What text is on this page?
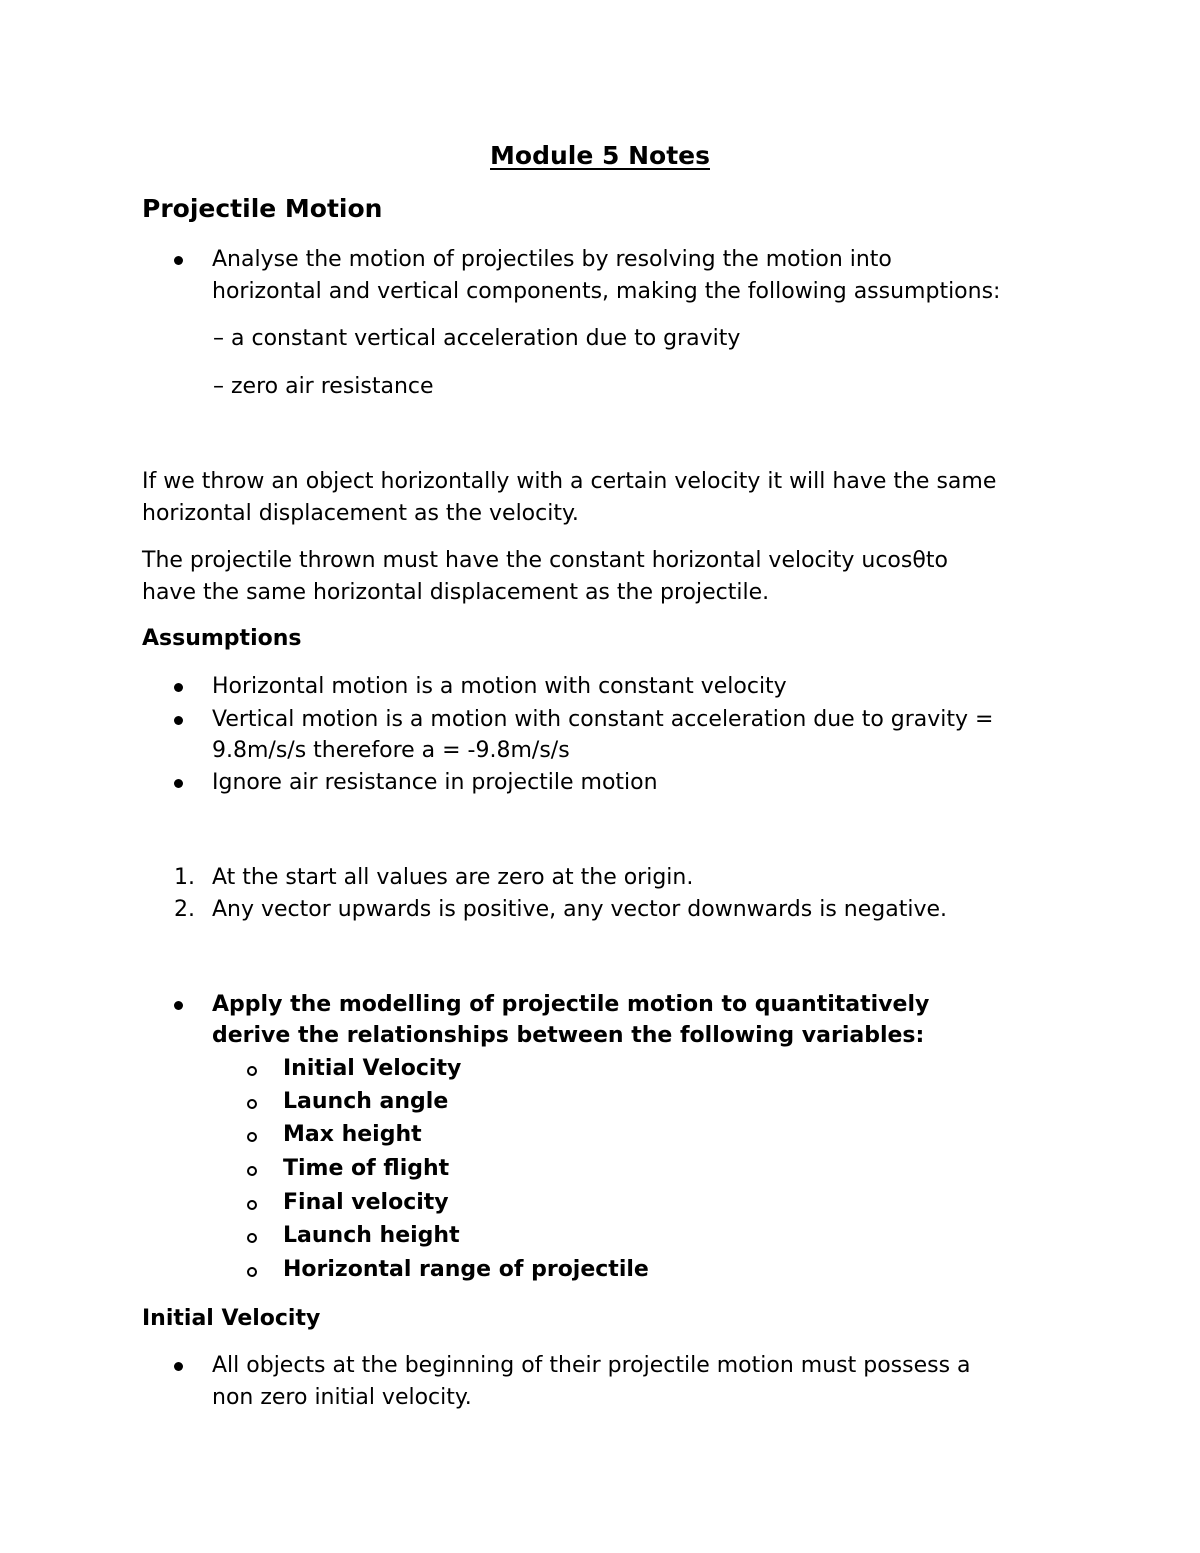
Module 5 Notes
Projectile Motion
Analyse the motion of projectiles by resolving the motion into
horizontal and vertical components, making the following assumptions:
– a constant vertical acceleration due to gravity
– zero air resistance
If we throw an object horizontally with a certain velocity it will have the same
horizontal displacement as the velocity.
The projectile thrown must have the constant horizontal velocity ucosθto
have the same horizontal displacement as the projectile.
Assumptions
Horizontal motion is a motion with constant velocity
Vertical motion is a motion with constant acceleration due to gravity =
9.8m/s/s therefore a = -9.8m/s/s
Ignore air resistance in projectile motion
1. At the start all values are zero at the origin.
2. Any vector upwards is positive, any vector downwards is negative.
Apply the modelling of projectile motion to quantitatively
derive the relationships between the following variables:
Initial Velocity
Launch angle
Max height
Time of flight
Final velocity
Launch height
Horizontal range of projectile
Initial Velocity
All objects at the beginning of their projectile motion must possess a
non zero initial velocity.
